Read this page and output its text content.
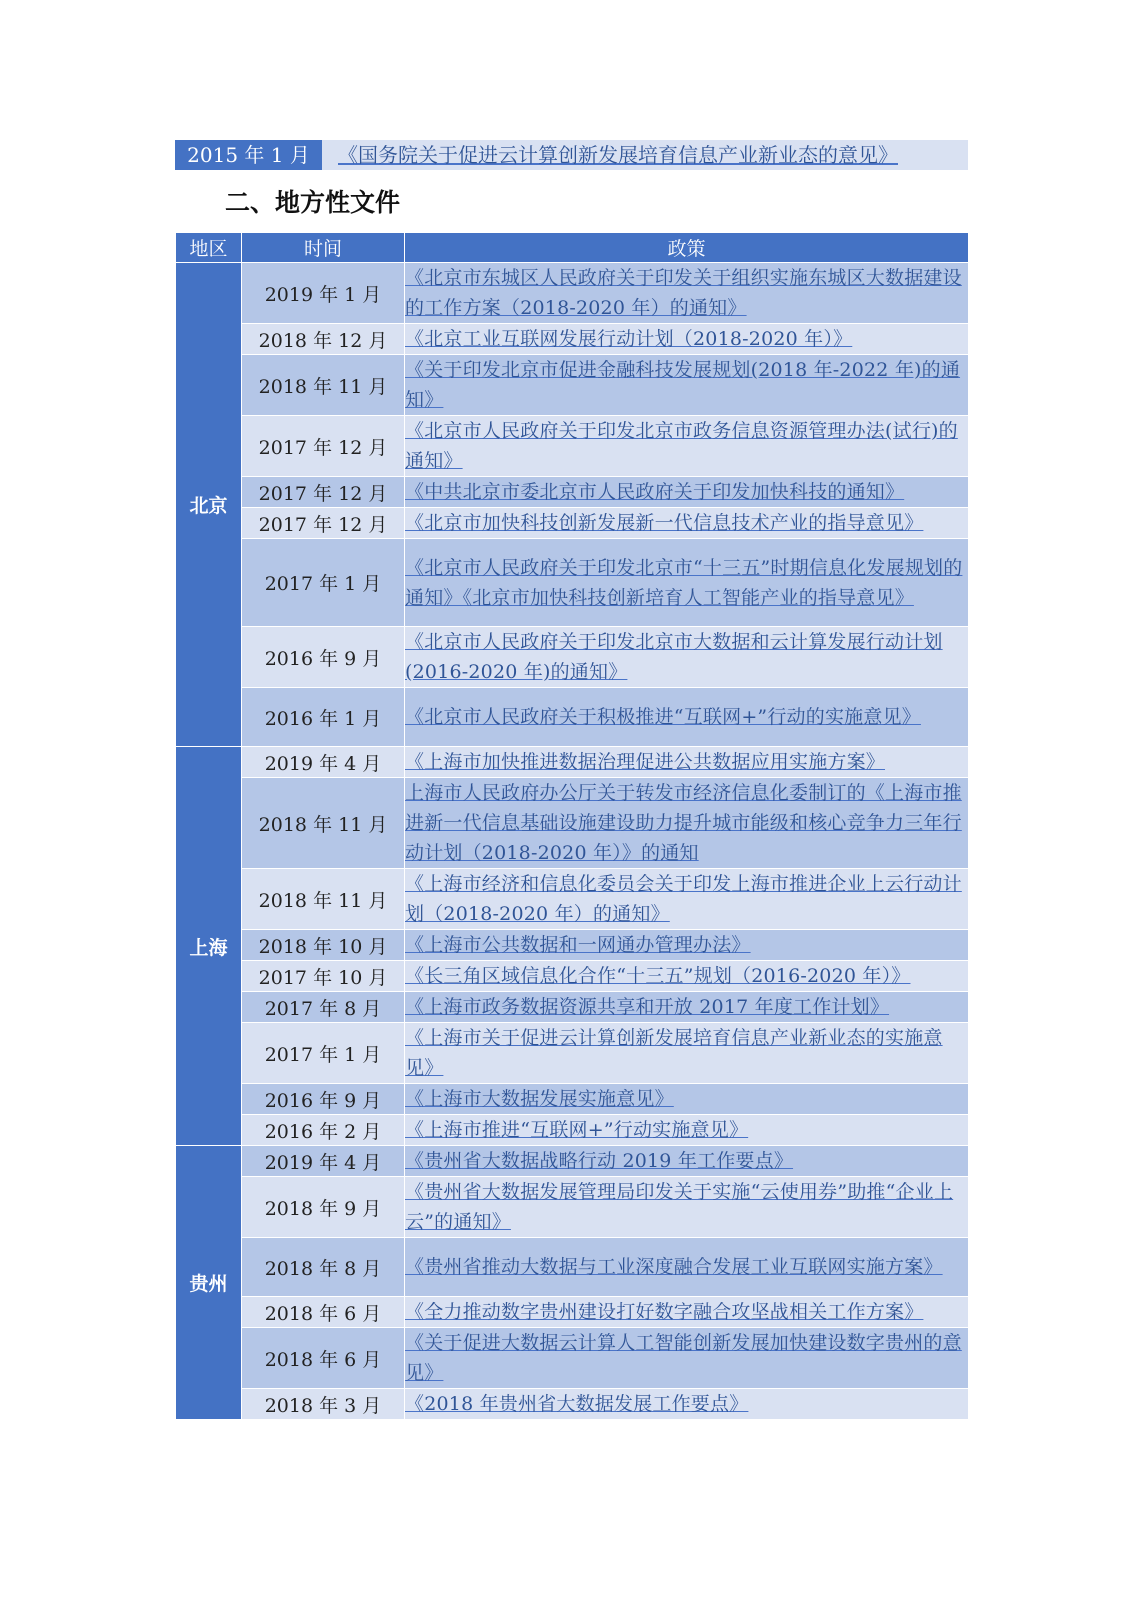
2015 年 1 月	《国务院关于促进云计算创新发展培育信息产业新业态的意见》
二、地方性文件
地区	时间	政策
北京	2019 年 1 月	《北京市东城区人民政府关于印发关于组织实施东城区大数据建设的工作方案（2018-2020 年）的通知》
	2018 年 12 月	《北京工业互联网发展行动计划（2018-2020 年）》
	2018 年 11 月	《关于印发北京市促进金融科技发展规划(2018 年-2022 年)的通知》
	2017 年 12 月	《北京市人民政府关于印发北京市政务信息资源管理办法(试行)的通知》
	2017 年 12 月	《中共北京市委北京市人民政府关于印发加快科技的通知》
	2017 年 12 月	《北京市加快科技创新发展新一代信息技术产业的指导意见》
	2017 年 1 月	《北京市人民政府关于印发北京市“十三五”时期信息化发展规划的通知》《北京市加快科技创新培育人工智能产业的指导意见》
	2016 年 9 月	《北京市人民政府关于印发北京市大数据和云计算发展行动计划(2016-2020 年)的通知》
	2016 年 1 月	《北京市人民政府关于积极推进“互联网+”行动的实施意见》
上海	2019 年 4 月	《上海市加快推进数据治理促进公共数据应用实施方案》
	2018 年 11 月	上海市人民政府办公厅关于转发市经济信息化委制订的《上海市推进新一代信息基础设施建设助力提升城市能级和核心竞争力三年行动计划（2018-2020 年）》的通知
	2018 年 11 月	《上海市经济和信息化委员会关于印发上海市推进企业上云行动计划（2018-2020 年）的通知》
	2018 年 10 月	《上海市公共数据和一网通办管理办法》
	2017 年 10 月	《长三角区域信息化合作“十三五”规划（2016-2020 年）》
	2017 年 8 月	《上海市政务数据资源共享和开放 2017 年度工作计划》
	2017 年 1 月	《上海市关于促进云计算创新发展培育信息产业新业态的实施意见》
	2016 年 9 月	《上海市大数据发展实施意见》
	2016 年 2 月	《上海市推进“互联网+”行动实施意见》
贵州	2019 年 4 月	《贵州省大数据战略行动 2019 年工作要点》
	2018 年 9 月	《贵州省大数据发展管理局印发关于实施“云使用券”助推“企业上云”的通知》
	2018 年 8 月	《贵州省推动大数据与工业深度融合发展工业互联网实施方案》
	2018 年 6 月	《全力推动数字贵州建设打好数字融合攻坚战相关工作方案》
	2018 年 6 月	《关于促进大数据云计算人工智能创新发展加快建设数字贵州的意见》
	2018 年 3 月	《2018 年贵州省大数据发展工作要点》
